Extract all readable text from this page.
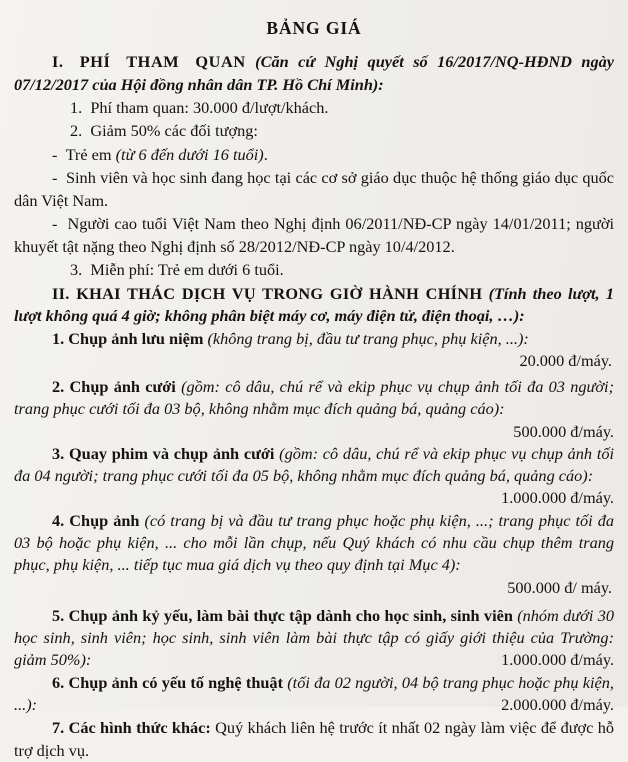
BẢNG GIÁ

I. PHÍ THAM QUAN (Căn cứ Nghị quyết số 16/2017/NQ-HĐND ngày 07/12/2017 của Hội đồng nhân dân TP. Hồ Chí Minh):

1. Phí tham quan: 30.000 đ/lượt/khách.

2. Giảm 50% các đối tượng:

- Trẻ em (từ 6 đến dưới 16 tuổi).

- Sinh viên và học sinh đang học tại các cơ sở giáo dục thuộc hệ thống giáo dục quốc dân Việt Nam.

- Người cao tuổi Việt Nam theo Nghị định 06/2011/NĐ-CP ngày 14/01/2011; người khuyết tật nặng theo Nghị định số 28/2012/NĐ-CP ngày 10/4/2012.

3. Miễn phí: Trẻ em dưới 6 tuổi.

II. KHAI THÁC DỊCH VỤ TRONG GIỜ HÀNH CHÍNH (Tính theo lượt, 1 lượt không quá 4 giờ; không phân biệt máy cơ, máy điện tử, điện thoại, …):

1. Chụp ảnh lưu niệm (không trang bị, đầu tư trang phục, phụ kiện, ...):

20.000 đ/máy.

2. Chụp ảnh cưới (gồm: cô dâu, chú rể và ekip phục vụ chụp ảnh tối đa 03 người; trang phục cưới tối đa 03 bộ, không nhằm mục đích quảng bá, quảng cáo):
500.000 đ/máy.

3. Quay phim và chụp ảnh cưới (gồm: cô dâu, chú rể và ekip phục vụ chụp ảnh tối đa 04 người; trang phục cưới tối đa 05 bộ, không nhằm mục đích quảng bá, quảng cáo):
1.000.000 đ/máy.

4. Chụp ảnh (có trang bị và đầu tư trang phục hoặc phụ kiện, ...; trang phục tối đa 03 bộ hoặc phụ kiện, ... cho mỗi lần chụp, nếu Quý khách có nhu cầu chụp thêm trang phục, phụ kiện, ... tiếp tục mua giá dịch vụ theo quy định tại Mục 4):

500.000 đ/ máy.

5. Chụp ảnh kỷ yếu, làm bài thực tập dành cho học sinh, sinh viên (nhóm dưới 30 học sinh, sinh viên; học sinh, sinh viên làm bài thực tập có giấy giới thiệu của Trường: giảm 50%):	1.000.000 đ/máy.

6. Chụp ảnh có yếu tố nghệ thuật (tối đa 02 người, 04 bộ trang phục hoặc phụ kiện, ...):	2.000.000 đ/máy.

7. Các hình thức khác: Quý khách liên hệ trước ít nhất 02 ngày làm việc để được hỗ trợ dịch vụ.
